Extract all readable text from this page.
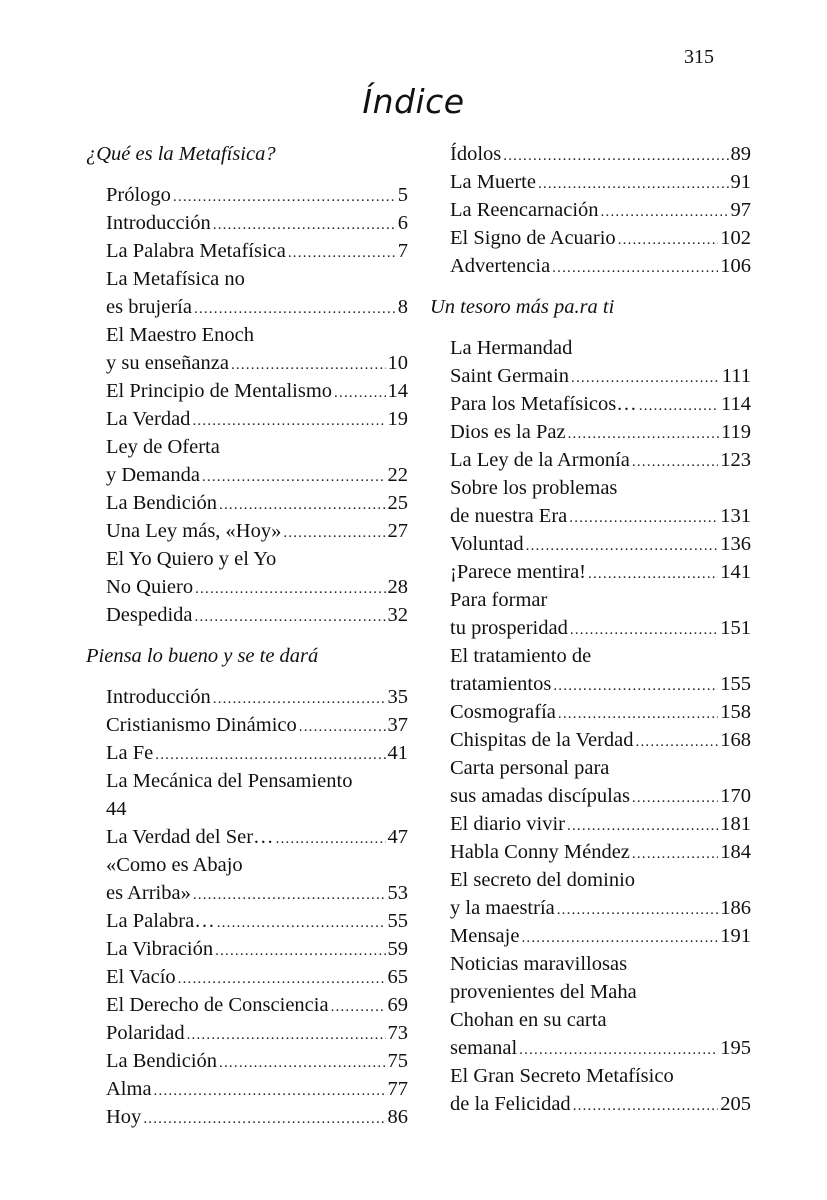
315
Índice
¿Qué es la Metafísica?
Prólogo .....	5
Introducción .....	6
La Palabra Metafísica .....	7
La Metafísica no
es brujería .....	8
El Maestro Enoch
y su enseñanza .....	10
El Principio de Mentalismo .....	14
La Verdad .....	19
Ley de Oferta
y Demanda .....	22
La Bendición .....	25
Una Ley más, «Hoy» .....	27
El Yo Quiero y el Yo
No Quiero .....	28
Despedida .....	32
Piensa lo bueno y se te dará
Introducción .....	35
Cristianismo Dinámico .....	37
La Fe .....	41
La Mecánica del Pensamiento
44
La Verdad del Ser… .....	47
«Como es Abajo
es Arriba» .....	53
La Palabra… .....	55
La Vibración .....	59
El Vacío .....	65
El Derecho de Consciencia .....	69
Polaridad .....	73
La Bendición .....	75
Alma .....	77
Hoy .....	86
Ídolos .....	89
La Muerte .....	91
La Reencarnación .....	97
El Signo de Acuario .....	102
Advertencia .....	106
Un tesoro más pa.ra ti
La Hermandad
Saint Germain .....	111
Para los Metafísicos… .....	114
Dios es la Paz .....	119
La Ley de la Armonía .....	123
Sobre los problemas
de nuestra Era .....	131
Voluntad .....	136
¡Parece mentira! .....	141
Para formar
tu prosperidad .....	151
El tratamiento de
tratamientos .....	155
Cosmografía .....	158
Chispitas de la Verdad .....	168
Carta personal para
sus amadas discípulas .....	170
El diario vivir .....	181
Habla Conny Méndez .....	184
El secreto del dominio
y la maestría .....	186
Mensaje .....	191
Noticias maravillosas
provenientes del Maha
Chohan en su carta
semanal .....	195
El Gran Secreto Metafísico
de la Felicidad .....	205
